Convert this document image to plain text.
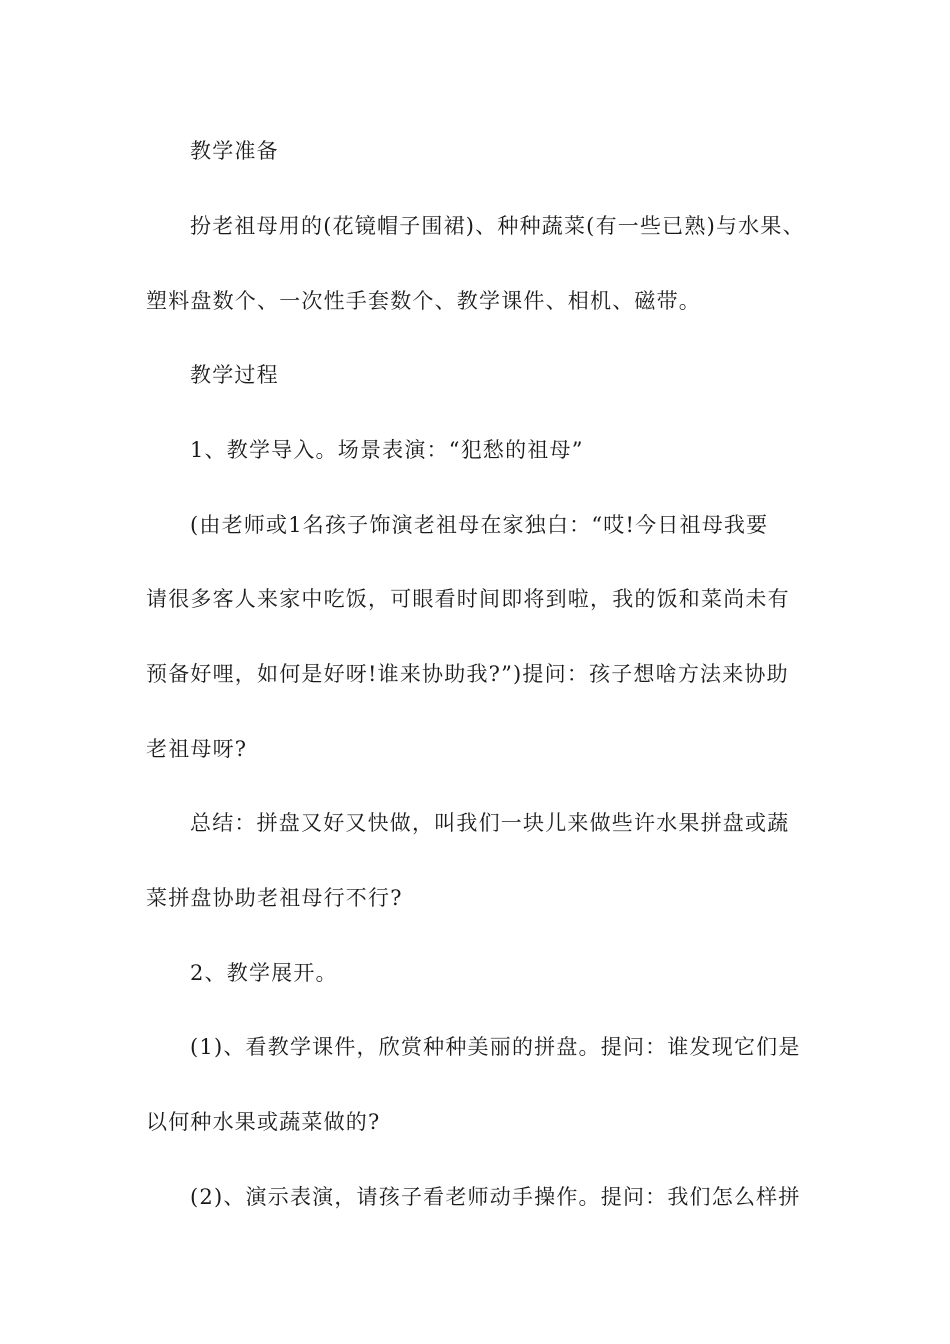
教学准备
扮老祖母用的(花镜帽子围裙)、种种蔬菜(有一些已熟)与水果、
塑料盘数个、一次性手套数个、教学课件、相机、磁带。
教学过程
1、教学导入。场景表演：“犯愁的祖母”
(由老师或1名孩子饰演老祖母在家独白：“哎!今日祖母我要
请很多客人来家中吃饭，可眼看时间即将到啦，我的饭和菜尚未有
预备好哩，如何是好呀!谁来协助我?”)提问：孩子想啥方法来协助
老祖母呀?
总结：拼盘又好又快做，叫我们一块儿来做些许水果拼盘或蔬
菜拼盘协助老祖母行不行?
2、教学展开。
(1)、看教学课件，欣赏种种美丽的拼盘。提问：谁发现它们是
以何种水果或蔬菜做的?
(2)、演示表演，请孩子看老师动手操作。提问：我们怎么样拼
